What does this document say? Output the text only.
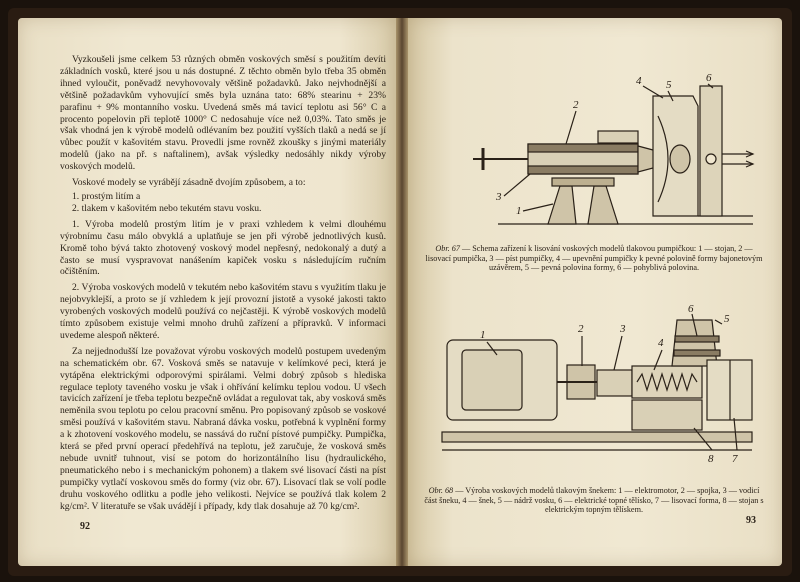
Vyzkoušeli jsme celkem 53 různých obměn voskových směsí s použitím devíti základních vosků, které jsou u nás dostupné. Z těchto obměn bylo třeba 35 obměn ihned vyloučit, poněvadž nevyhovovaly většině požadavků. Jako nejvhodnější a většině požadavkům vyhovující směs byla uznána tato: 68% stearinu + 23% parafinu + 9% montanního vosku. Uvedená směs má tavicí teplotu asi 56° C a procento popelovin při teplotě 1000° C nedosahuje více než 0,03%. Tato směs je však vhodná jen k výrobě modelů odlévaním bez použití vyšších tlaků a nedá se jí vůbec použít v kašovitém stavu. Provedli jsme rovněž zkoušky s jinými materiály modelů (jako na př. s naftalinem), avšak výsledky nedosáhly nikdy výroby voskových modelů.

Voskové modely se vyrábějí zásadně dvojím způsobem, a to:

1. prostým litím a
2. tlakem v kašovitém nebo tekutém stavu vosku.

1. Výroba modelů prostým litím je v praxi vzhledem k velmi dlouhému výrobnímu času málo obvyklá a uplatňuje se jen při výrobě jednotlivých kusů. Kromě toho bývá takto zhotovený voskový model nepřesný, nedokonalý a dutý a často se musí vyspravovat nanášením kapiček vosku s následujícím ručním očištěním.

2. Výroba voskových modelů v tekutém nebo kašovitém stavu s využitím tlaku je nejobvyklejší, a proto se jí vzhledem k její provozní jistotě a vysoké jakosti takto vyrobených voskových modelů používá co nejčastěji. K výrobě voskových modelů tímto způsobem existuje velmi mnoho druhů zařízení a přípravků. V informaci uvedeme alespoň některé.

Za nejjednodušší lze považovat výrobu voskových modelů postupem uvedeným na schematickém obr. 67. Vosková směs se natavuje v kelímkové peci, která je vytápěna elektrickými odporovými spirálami. Velmi dobrý způsob s hlediska regulace teploty taveného vosku je však i ohřívání kelímku teplou vodou. U všech tavicích zařízení je třeba teplotu bezpečně ovládat a regulovat tak, aby vosková směs neměnila svou teplotu po celou pracovní směnu. Pro popisovaný způsob se voskové směsi používá v kašovitém stavu. Nabraná dávka vosku, potřebná k vyplnění formy a k zhotovení voskového modelu, se nassává do ruční pístové pumpičky. Pumpička, která se před první operací předehřívá na teplotu, jež zaručuje, že vosková směs nebude uvnitř tuhnout, visí se potom do horizontálního lisu (hydraulického, pneumatického nebo i s mechanickým pohonem) a tlakem své lisovací části na píst pumpičky vytlačí voskovou směs do formy (viz obr. 67). Lisovací tlak se volí podle druhu voskového odlitku a podle jeho velikosti. Nejvíce se používá tlak kolem 2 kg/cm². V literatuře se však uvádějí i případy, kdy tlak dosahuje až 70 kg/cm².

92
2
4 5
6
3
1
Obr. 67 — Schema zařízení k lisování voskových modelů tlakovou pumpičkou: 1 — stojan, 2 — lisovací pumpička, 3 — píst pumpičky, 4 — upevnění pumpičky k pevné polovině formy bajonetovým uzávěrem, 5 — pevná polovina formy, 6 — pohyblivá polovina.
1	2	3
4
6
5
7
8
Obr. 68 — Výroba voskových modelů tlakovým šnekem: 1 — elektromotor, 2 — spojka, 3 — vodicí část šneku, 4 — šnek, 5 — nádrž vosku, 6 — elektrické topné tělísko, 7 — lisovací forma, 8 — stojan s elektrickým topným tělískem.
93
